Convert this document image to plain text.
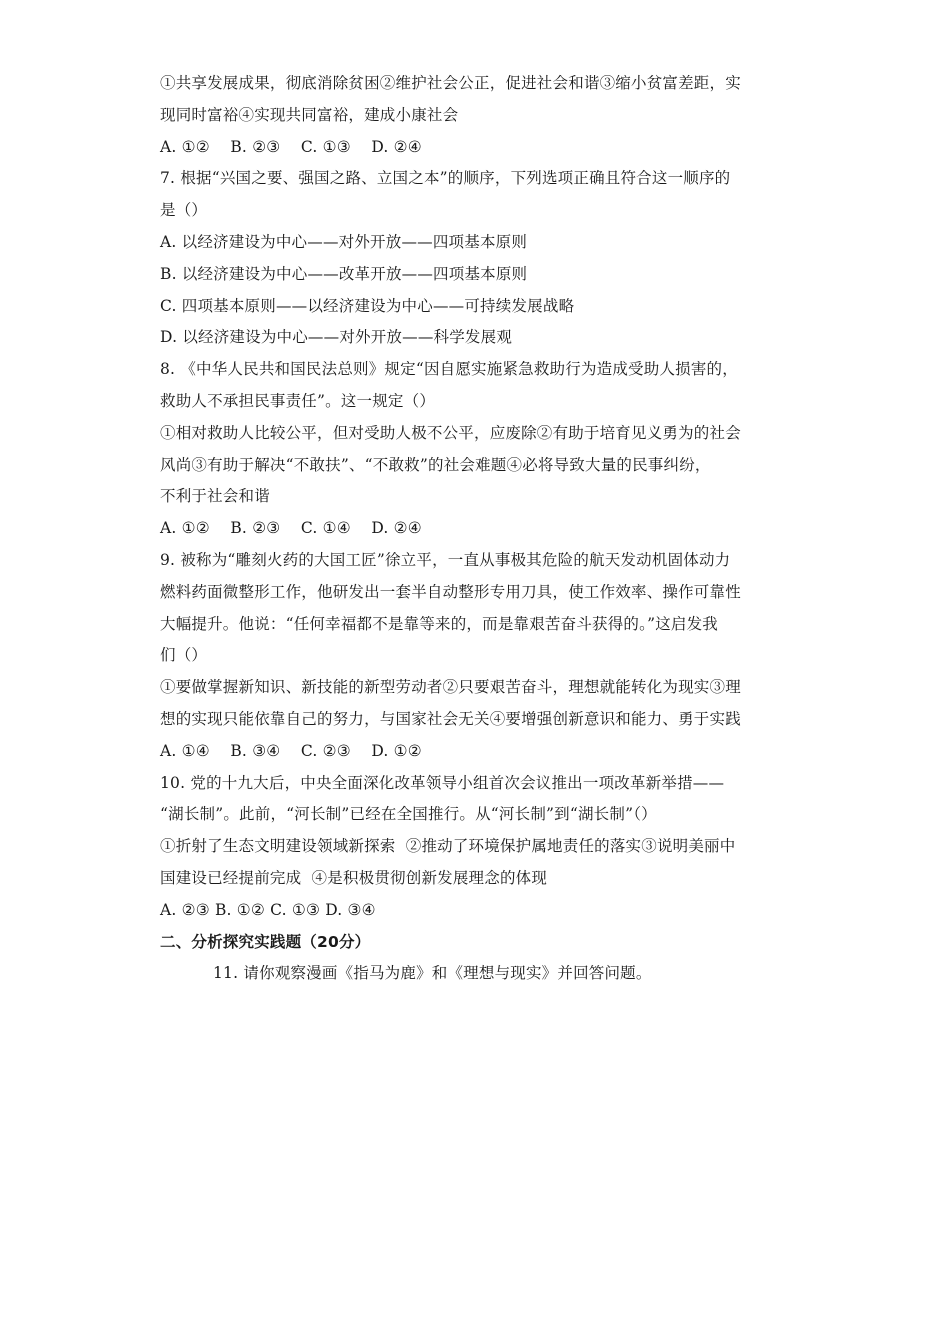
①共享发展成果，彻底消除贫困②维护社会公正，促进社会和谐③缩小贫富差距，实
现同时富裕④实现共同富裕，建成小康社会
A. ①②    B. ②③    C. ①③    D. ②④
7. 根据“兴国之要、强国之路、立国之本”的顺序，下列选项正确且符合这一顺序的
是（）
A. 以经济建设为中心——对外开放——四项基本原则
B. 以经济建设为中心——改革开放——四项基本原则
C. 四项基本原则——以经济建设为中心——可持续发展战略
D. 以经济建设为中心——对外开放——科学发展观
8. 《中华人民共和国民法总则》规定“因自愿实施紧急救助行为造成受助人损害的，
救助人不承担民事责任”。这一规定（）
①相对救助人比较公平，但对受助人极不公平，应废除②有助于培育见义勇为的社会
风尚③有助于解决“不敢扶”、“不敢救”的社会难题④必将导致大量的民事纠纷，
不利于社会和谐
A. ①②    B. ②③    C. ①④    D. ②④
9. 被称为“雕刻火药的大国工匠”徐立平，一直从事极其危险的航天发动机固体动力
燃料药面微整形工作，他研发出一套半自动整形专用刀具，使工作效率、操作可靠性
大幅提升。他说：“任何幸福都不是靠等来的，而是靠艰苦奋斗获得的。”这启发我
们（）
①要做掌握新知识、新技能的新型劳动者②只要艰苦奋斗，理想就能转化为现实③理
想的实现只能依靠自己的努力，与国家社会无关④要增强创新意识和能力、勇于实践
A. ①④    B. ③④    C. ②③    D. ①②
10. 党的十九大后，中央全面深化改革领导小组首次会议推出一项改革新举措——
“湖长制”。此前，“河长制”已经在全国推行。从“河长制”到“湖长制”（）
①折射了生态文明建设领域新探索  ②推动了环境保护属地责任的落实③说明美丽中
国建设已经提前完成  ④是积极贯彻创新发展理念的体现
A. ②③ B. ①② C. ①③ D. ③④
二、分析探究实践题（20分）
11. 请你观察漫画《指马为鹿》和《理想与现实》并回答问题。
